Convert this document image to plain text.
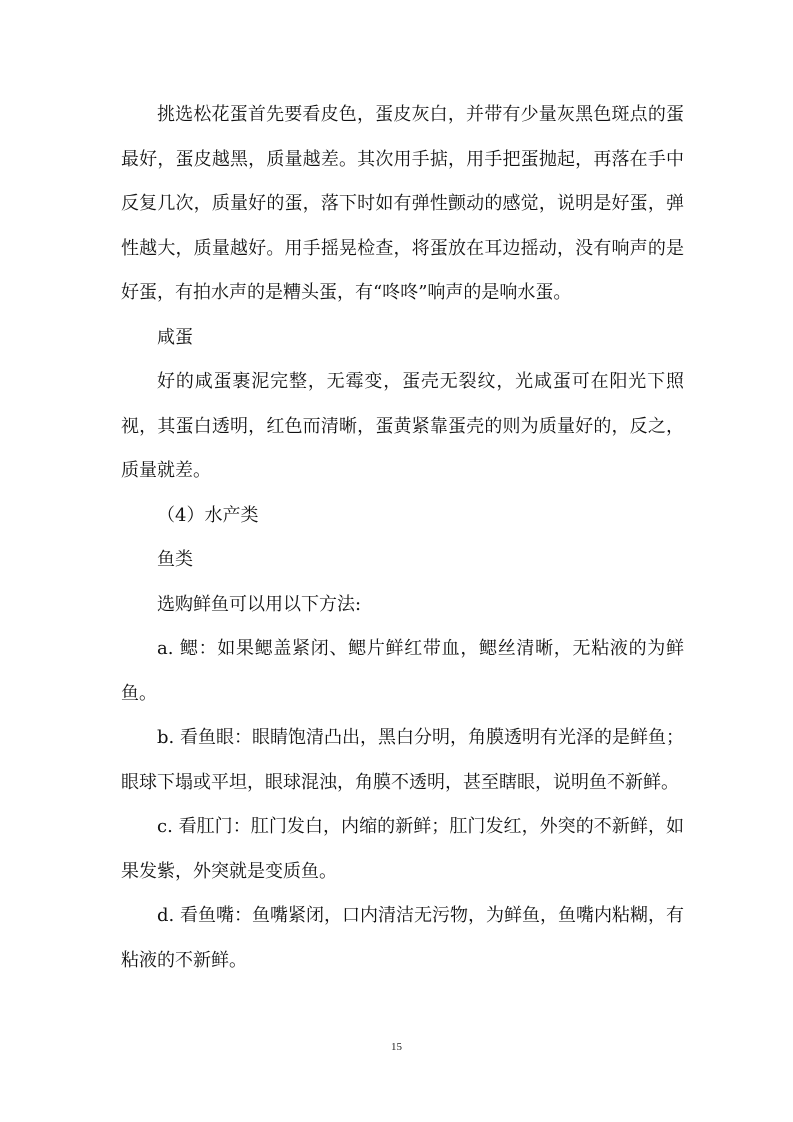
挑选松花蛋首先要看皮色，蛋皮灰白，并带有少量灰黑色斑点的蛋最好，蛋皮越黑，质量越差。其次用手掂，用手把蛋抛起，再落在手中反复几次，质量好的蛋，落下时如有弹性颤动的感觉，说明是好蛋，弹性越大，质量越好。用手摇晃检查，将蛋放在耳边摇动，没有响声的是好蛋，有拍水声的是糟头蛋，有“咚咚”响声的是响水蛋。

咸蛋

好的咸蛋裹泥完整，无霉变，蛋壳无裂纹，光咸蛋可在阳光下照视，其蛋白透明，红色而清晰，蛋黄紧靠蛋壳的则为质量好的，反之，质量就差。

（4）水产类

鱼类

选购鲜鱼可以用以下方法:

a. 鳃：如果鳃盖紧闭、鳃片鲜红带血，鳃丝清晰，无粘液的为鲜鱼。

b. 看鱼眼：眼睛饱清凸出，黑白分明，角膜透明有光泽的是鲜鱼；眼球下塌或平坦，眼球混浊，角膜不透明，甚至瞎眼，说明鱼不新鲜。

c. 看肛门：肛门发白，内缩的新鲜；肛门发红，外突的不新鲜，如果发紫，外突就是变质鱼。

d. 看鱼嘴：鱼嘴紧闭，口内清洁无污物，为鲜鱼，鱼嘴内粘糊，有粘液的不新鲜。

15
